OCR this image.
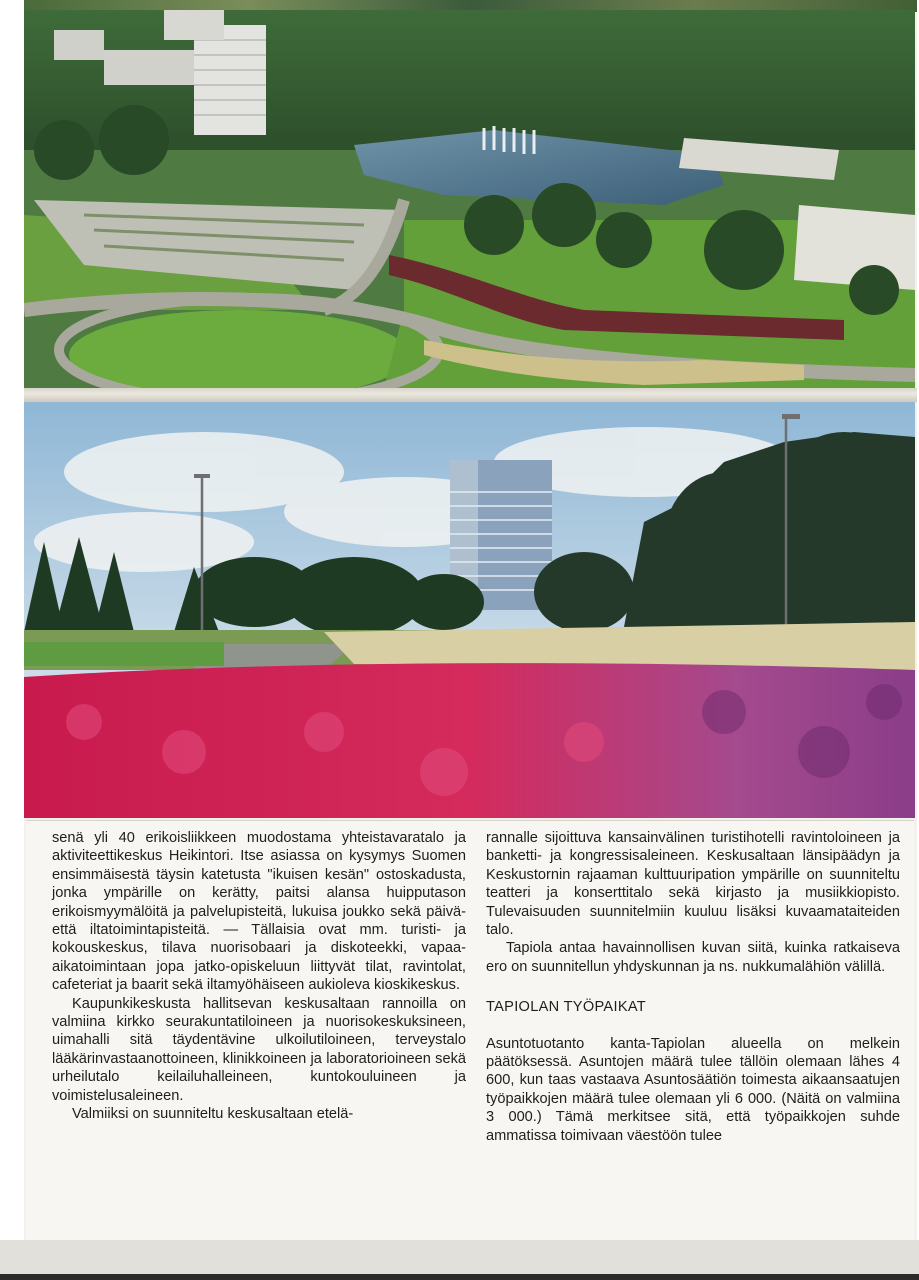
senä yli 40 erikoisliikkeen muodostama yhteistavaratalo ja aktiviteettikeskus Heikintori. Itse asiassa on kysymys Suomen ensimmäisestä täysin katetusta "ikuisen kesän" ostoskadusta, jonka ympärille on kerätty, paitsi alansa huipputason erikoismyymälöitä ja palvelupisteitä, lukuisa joukko sekä päivä- että iltatoimintapisteitä. — Tällaisia ovat mm. turisti- ja kokouskeskus, tilava nuorisobaari ja diskoteekki, vapaa-aikatoimintaan jopa jatko-opiskeluun liittyvät tilat, ravintolat, cafeteriat ja baarit sekä iltamyöhäiseen aukioleva kioskikeskus.

Kaupunkikeskusta hallitsevan keskusaltaan rannoilla on valmiina kirkko seurakuntatiloineen ja nuorisokeskuksineen, uimahalli sitä täydentävine ulkoilutiloineen, terveystalo lääkärinvastaanottoineen, klinikkoineen ja laboratorioineen sekä urheilutalo keilailuhalleineen, kuntokouluineen ja voimistelusaleineen.

Valmiiksi on suunniteltu keskusaltaan etelä-

rannalle sijoittuva kansainvälinen turistihotelli ravintoloineen ja banketti- ja kongressisaleineen. Keskusaltaan länsipäädyn ja Keskustornin rajaaman kulttuuripation ympärille on suunniteltu teatteri ja konserttitalo sekä kirjasto ja musiikkiopisto. Tulevaisuuden suunnitelmiin kuuluu lisäksi kuvaamataiteiden talo.

Tapiola antaa havainnollisen kuvan siitä, kuinka ratkaiseva ero on suunnitellun yhdyskunnan ja ns. nukkumalähiön välillä.

TAPIOLAN TYÖPAIKAT

Asuntotuotanto kanta-Tapiolan alueella on melkein päätöksessä. Asuntojen määrä tulee tällöin olemaan lähes 4 600, kun taas vastaava Asuntosäätiön toimesta aikaansaatujen työpaikkojen määrä tulee olemaan yli 6 000. (Näitä on valmiina 3 000.) Tämä merkitsee sitä, että työpaikkojen suhde ammatissa toimivaan väestöön tulee
